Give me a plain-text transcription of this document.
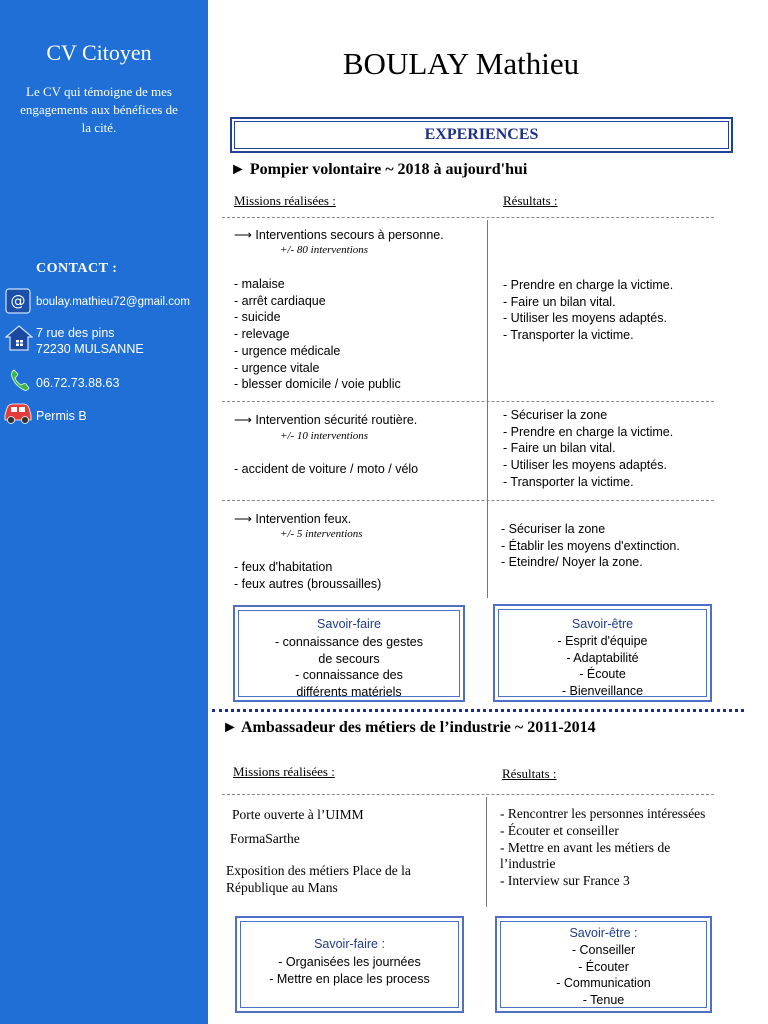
CV Citoyen
Le CV qui témoigne de mes engagements aux bénéfices de la cité.
CONTACT :
@ boulay.mathieu72@gmail.com
7 rue des pins
72230 MULSANNE
06.72.73.88.63
Permis B
BOULAY Mathieu
EXPERIENCES
► Pompier volontaire ~ 2018 à aujourd'hui
Missions réalisées :	Résultats :
⟶ Interventions secours à personne.
+/- 80 interventions
- malaise
- arrêt cardiaque
- suicide
- relevage
- urgence médicale
- urgence vitale
- blesser domicile / voie public
- Prendre en charge la victime.
- Faire un bilan vital.
- Utiliser les moyens adaptés.
- Transporter la victime.
⟶ Intervention sécurité routière.
+/- 10 interventions
- accident de voiture / moto / vélo
- Sécuriser la zone
- Prendre en charge la victime.
- Faire un bilan vital.
- Utiliser les moyens adaptés.
- Transporter la victime.
⟶ Intervention feux.
+/- 5 interventions
- feux d'habitation
- feux autres (broussailles)
- Sécuriser la zone
- Établir les moyens d'extinction.
- Eteindre/ Noyer la zone.
Savoir-faire
- connaissance des gestes
de secours
- connaissance des
différents matériels
Savoir-être
- Esprit d'équipe
- Adaptabilité
- Écoute
- Bienveillance
► Ambassadeur des métiers de l’industrie ~ 2011-2014
Missions réalisées :	Résultats :
Porte ouverte à l’UIMM
FormaSarthe
Exposition des métiers Place de la République au Mans
- Rencontrer les personnes intéressées
- Écouter et conseiller
- Mettre en avant les métiers de l’industrie
- Interview sur France 3
Savoir-faire :
- Organisées les journées
- Mettre en place les process
Savoir-être :
- Conseiller
- Écouter
- Communication
- Tenue
